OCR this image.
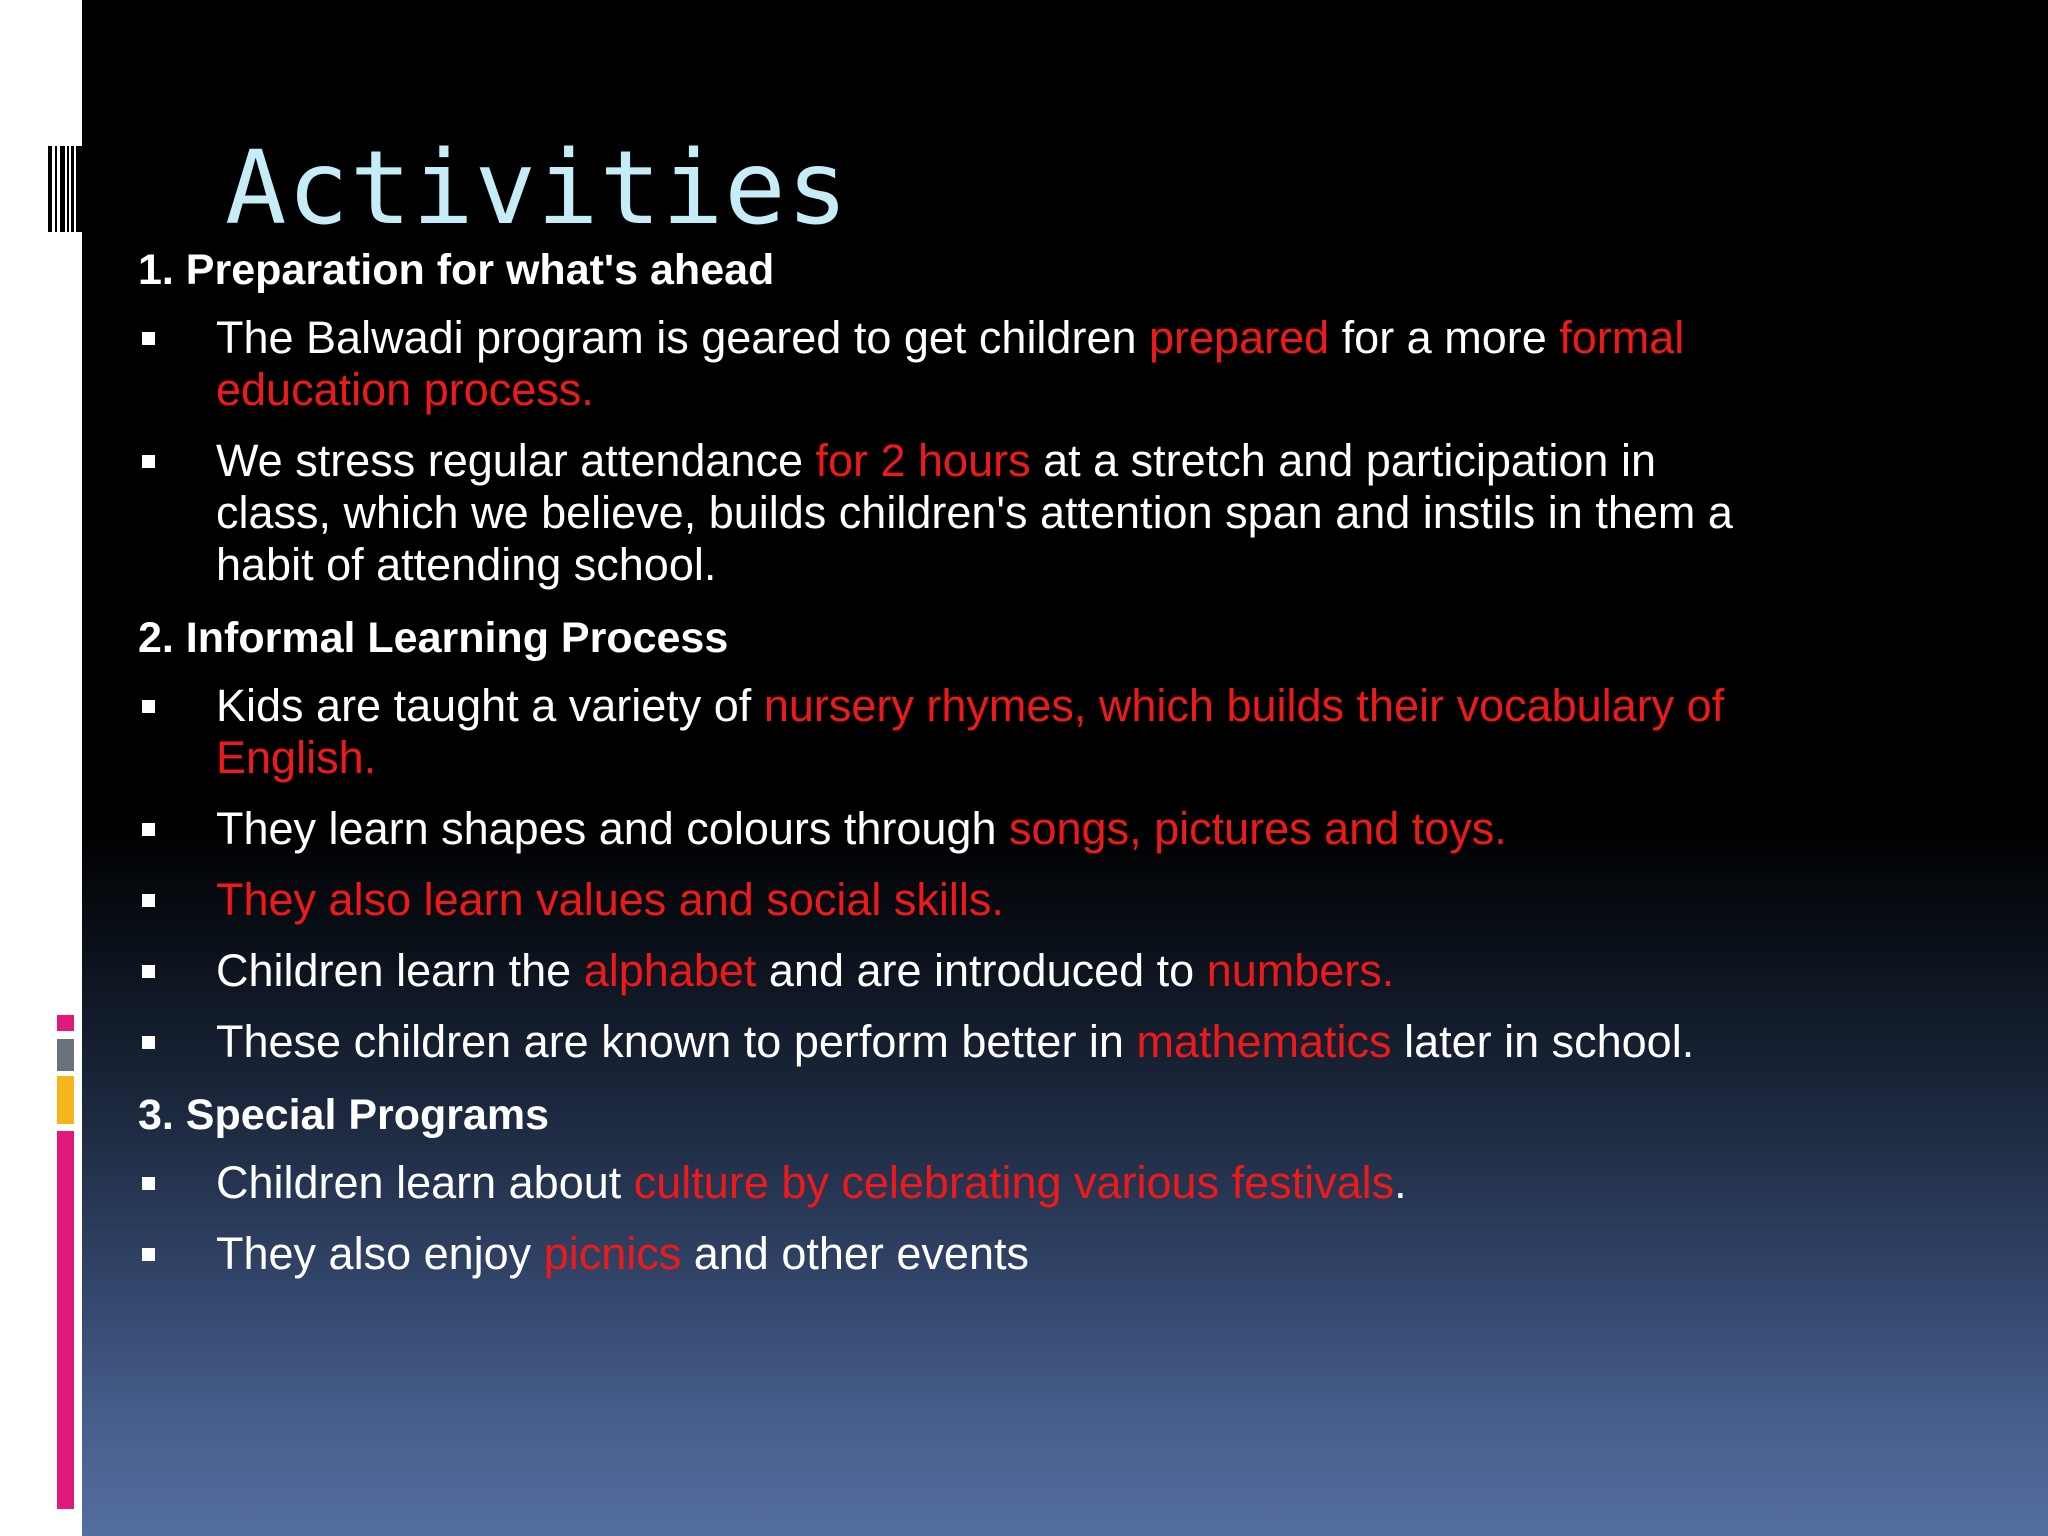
Activities
1. Preparation for what's ahead
The Balwadi program is geared to get children prepared for a more formal
education process.
We stress regular attendance for 2 hours at a stretch and participation in
class, which we believe, builds children's attention span and instils in them a
habit of attending school.
2. Informal Learning Process
Kids are taught a variety of nursery rhymes, which builds their vocabulary of
English.
They learn shapes and colours through songs, pictures and toys.
They also learn values and social skills.
Children learn the alphabet and are introduced to numbers.
These children are known to perform better in mathematics later in school.
3. Special Programs
Children learn about culture by celebrating various festivals.
They also enjoy picnics and other events
